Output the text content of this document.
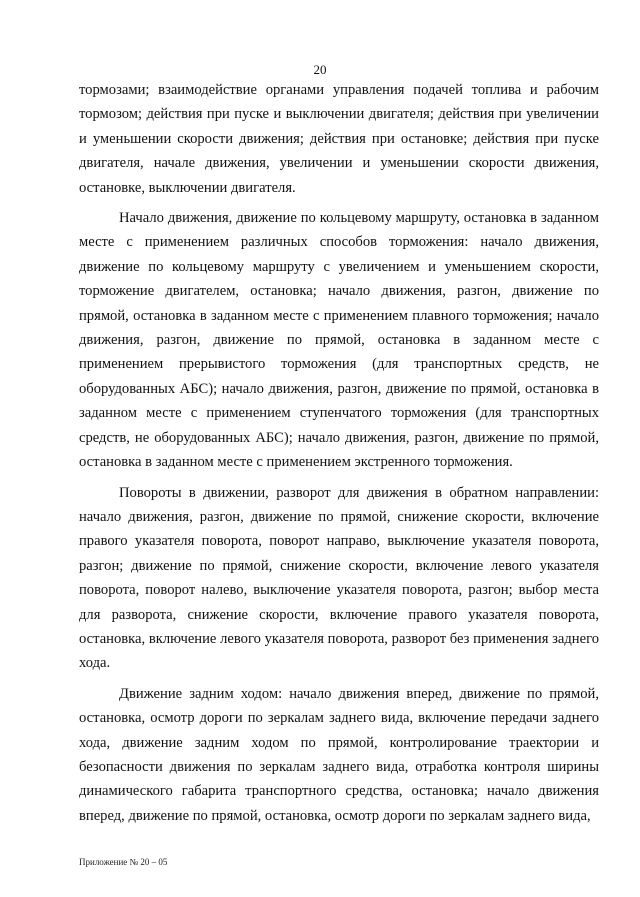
20

тормозами; взаимодействие органами управления подачей топлива и рабочим тормозом; действия при пуске и выключении двигателя; действия при увеличении и уменьшении скорости движения; действия при остановке; действия при пуске двигателя, начале движения, увеличении и уменьшении скорости движения, остановке, выключении двигателя.

Начало движения, движение по кольцевому маршруту, остановка в заданном месте с применением различных способов торможения: начало движения, движение по кольцевому маршруту с увеличением и уменьшением скорости, торможение двигателем, остановка; начало движения, разгон, движение по прямой, остановка в заданном месте с применением плавного торможения; начало движения, разгон, движение по прямой, остановка в заданном месте с применением прерывистого торможения (для транспортных средств, не оборудованных АБС); начало движения, разгон, движение по прямой, остановка в заданном месте с применением ступенчатого торможения (для транспортных средств, не оборудованных АБС); начало движения, разгон, движение по прямой, остановка в заданном месте с применением экстренного торможения.

Повороты в движении, разворот для движения в обратном направлении: начало движения, разгон, движение по прямой, снижение скорости, включение правого указателя поворота, поворот направо, выключение указателя поворота, разгон; движение по прямой, снижение скорости, включение левого указателя поворота, поворот налево, выключение указателя поворота, разгон; выбор места для разворота, снижение скорости, включение правого указателя поворота, остановка, включение левого указателя поворота, разворот без применения заднего хода.

Движение задним ходом: начало движения вперед, движение по прямой, остановка, осмотр дороги по зеркалам заднего вида, включение передачи заднего хода, движение задним ходом по прямой, контролирование траектории и безопасности движения по зеркалам заднего вида, отработка контроля ширины динамического габарита транспортного средства, остановка; начало движения вперед, движение по прямой, остановка, осмотр дороги по зеркалам заднего вида,

Приложение № 20 – 05
